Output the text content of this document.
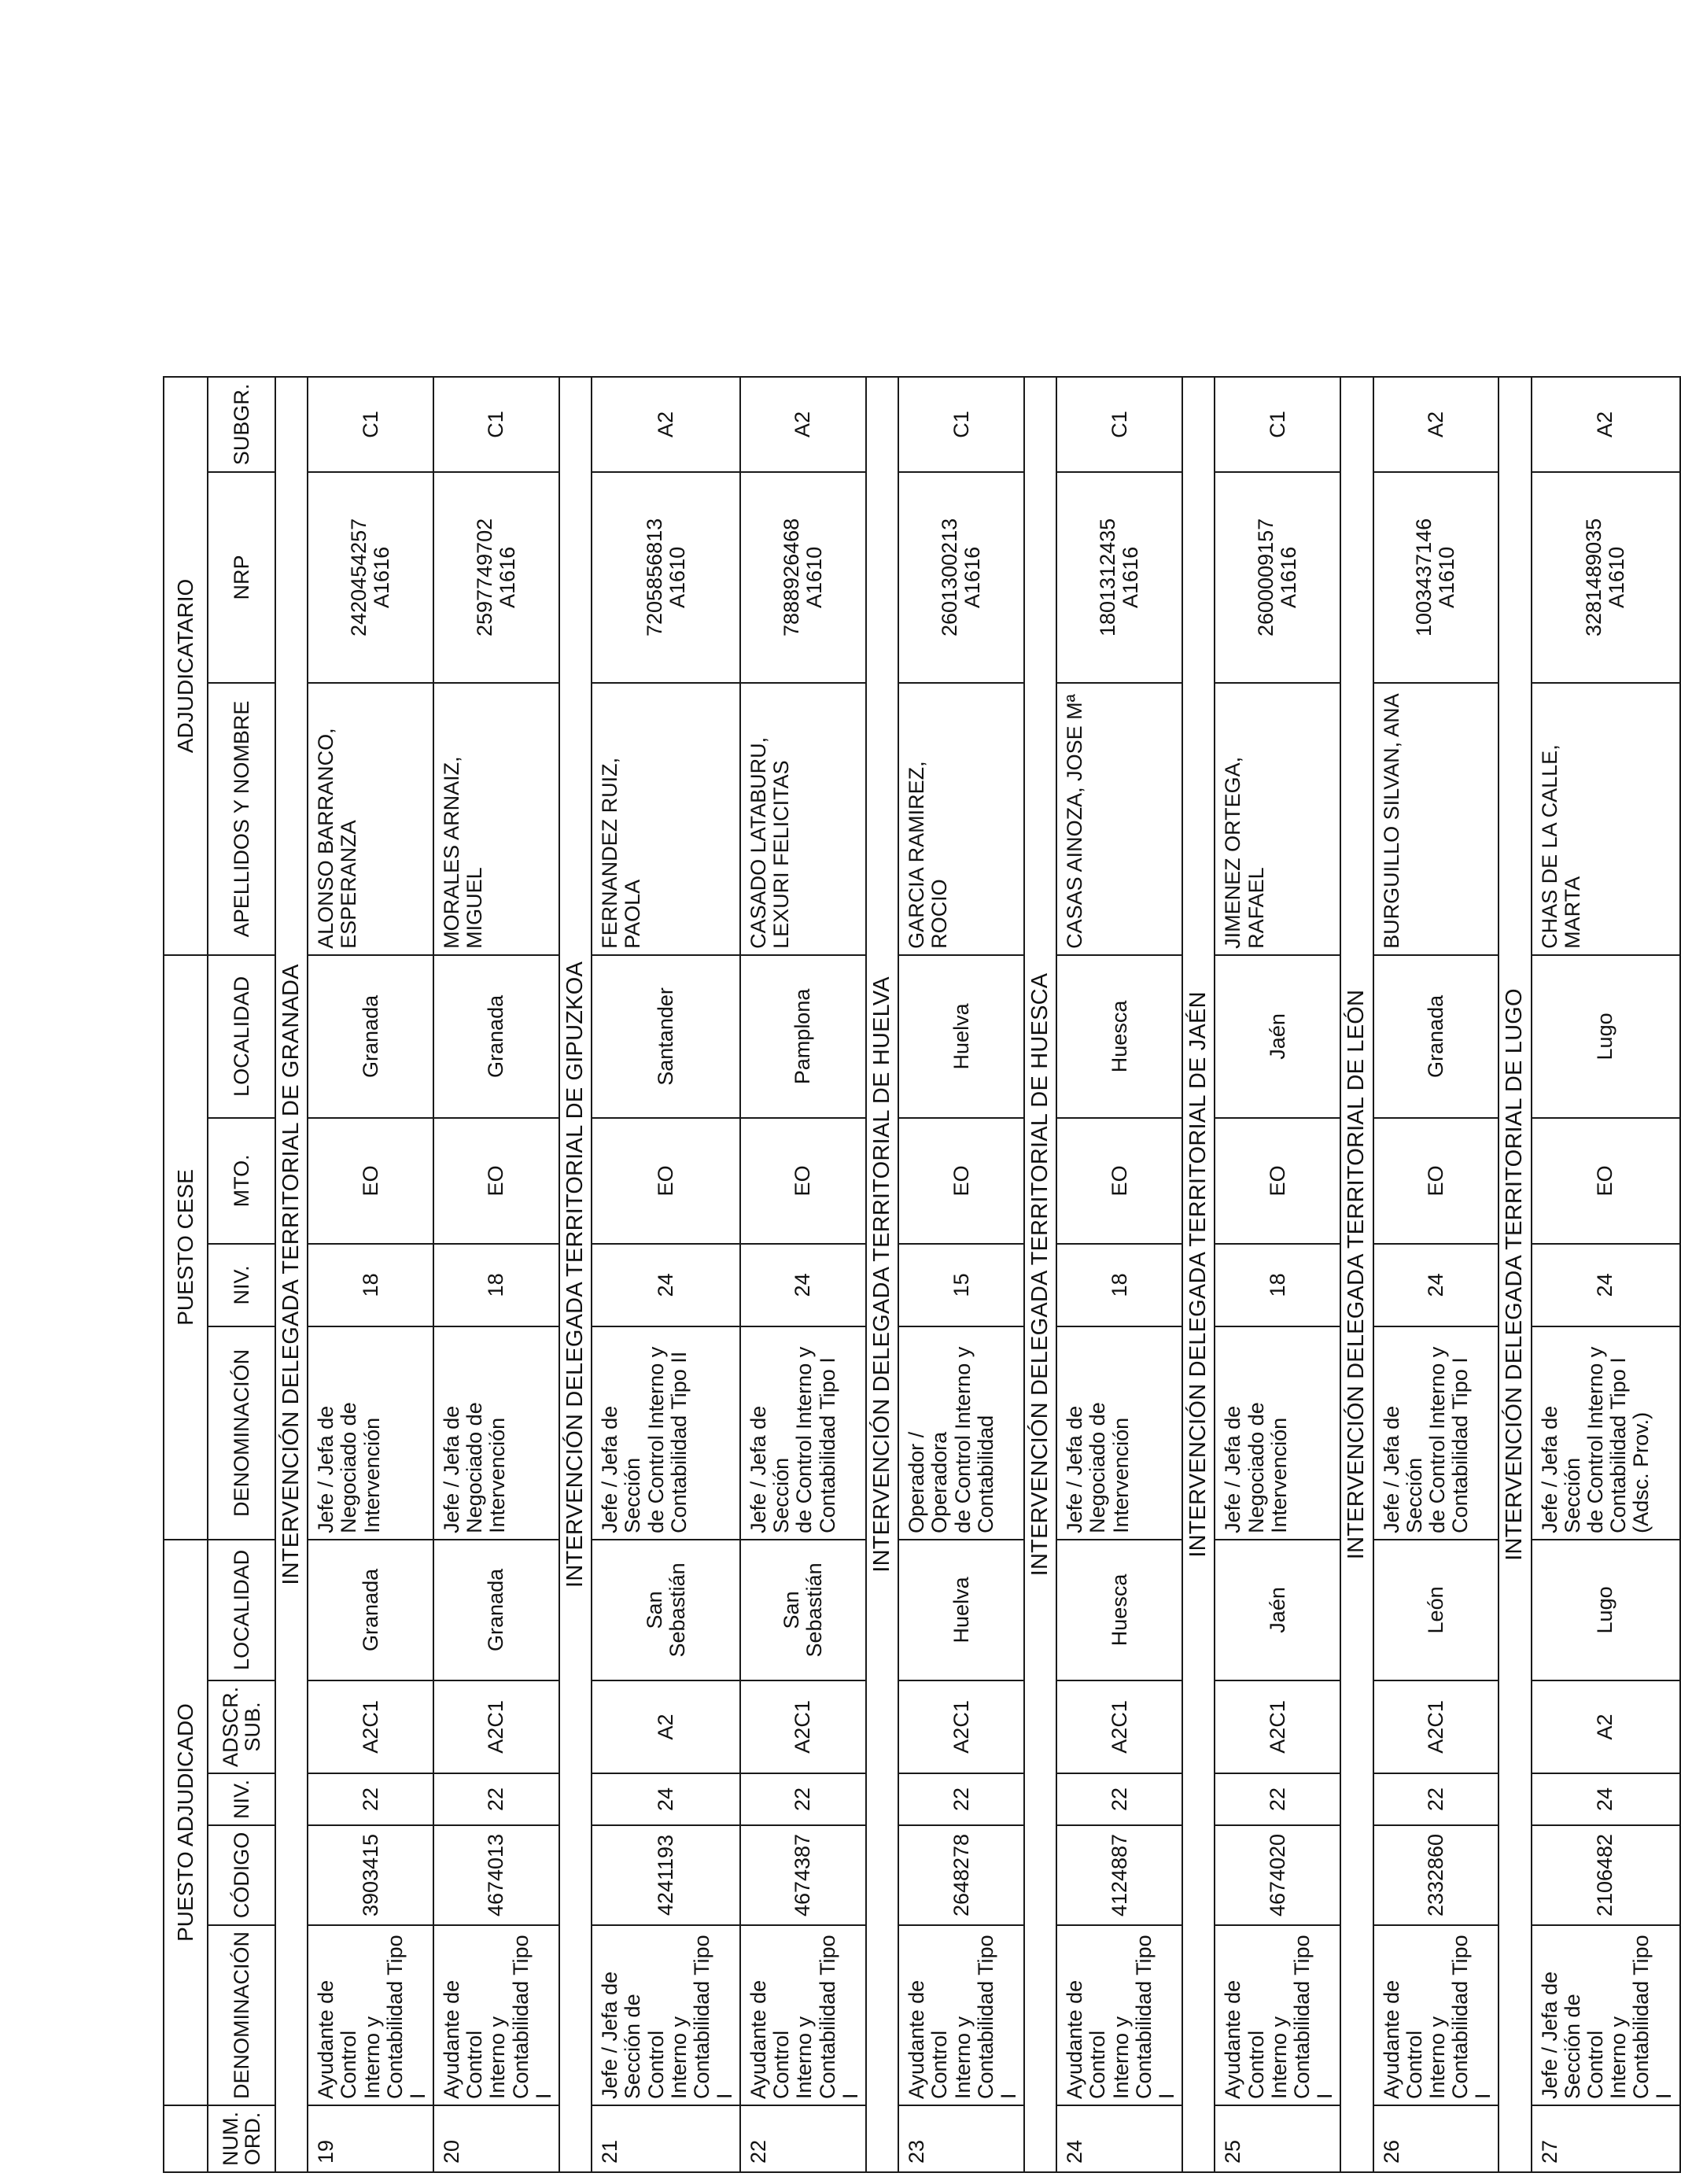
	PUESTO ADJUDICADO					PUESTO CESE				ADJUDICATARIO		
NUM.
ORD.	DENOMINACIÓN	CÓDIGO	NIV.	ADSCR.
SUB.	LOCALIDAD	DENOMINACIÓN	NIV.	MTO.	LOCALIDAD	APELLIDOS Y NOMBRE	NRP	SUBGR.
INTERVENCIÓN DELEGADA TERRITORIAL DE GRANADA												
19	Ayudante de Control
Interno y
Contabilidad Tipo I	3903415	22	A2C1	Granada	Jefe / Jefa de
Negociado de
Intervención	18	EO	Granada	ALONSO BARRANCO,
ESPERANZA	2420454257
A1616	C1
20	Ayudante de Control
Interno y
Contabilidad Tipo I	4674013	22	A2C1	Granada	Jefe / Jefa de
Negociado de
Intervención	18	EO	Granada	MORALES ARNAIZ,
MIGUEL	2597749702
A1616	C1
INTERVENCIÓN DELEGADA TERRITORIAL DE GIPUZKOA												
21	Jefe / Jefa de
Sección de Control
Interno y
Contabilidad Tipo I	4241193	24	A2	San Sebastián	Jefe / Jefa de Sección
de Control Interno y
Contabilidad Tipo II	24	EO	Santander	FERNANDEZ RUIZ,
PAOLA	7205856813
A1610	A2
22	Ayudante de Control
Interno y
Contabilidad Tipo I	4674387	22	A2C1	San Sebastián	Jefe / Jefa de Sección
de Control Interno y
Contabilidad Tipo I	24	EO	Pamplona	CASADO LATABURU,
LEXURI FELICITAS	7888926468
A1610	A2
INTERVENCIÓN DELEGADA TERRITORIAL DE HUELVA												
23	Ayudante de Control
Interno y
Contabilidad Tipo I	2648278	22	A2C1	Huelva	Operador / Operadora
de Control Interno y
Contabilidad	15	EO	Huelva	GARCIA RAMIREZ, ROCIO	2601300213
A1616	C1
INTERVENCIÓN DELEGADA TERRITORIAL DE HUESCA												
24	Ayudante de Control
Interno y
Contabilidad Tipo I	4124887	22	A2C1	Huesca	Jefe / Jefa de
Negociado de
Intervención	18	EO	Huesca	CASAS AINOZA, JOSE Mª	1801312435
A1616	C1
INTERVENCIÓN DELEGADA TERRITORIAL DE JAÉN												
25	Ayudante de Control
Interno y
Contabilidad Tipo I	4674020	22	A2C1	Jaén	Jefe / Jefa de
Negociado de
Intervención	18	EO	Jaén	JIMENEZ ORTEGA,
RAFAEL	2600009157
A1616	C1
INTERVENCIÓN DELEGADA TERRITORIAL DE LEÓN												
26	Ayudante de Control
Interno y
Contabilidad Tipo I	2332860	22	A2C1	León	Jefe / Jefa de Sección
de Control Interno y
Contabilidad Tipo I	24	EO	Granada	BURGUILLO SILVAN, ANA	1003437146
A1610	A2
INTERVENCIÓN DELEGADA TERRITORIAL DE LUGO												
27	Jefe / Jefa de
Sección de Control
Interno y
Contabilidad Tipo I	2106482	24	A2	Lugo	Jefe / Jefa de Sección
de Control Interno y
Contabilidad Tipo I
(Adsc. Prov.)	24	EO	Lugo	CHAS DE LA CALLE,
MARTA	3281489035
A1610	A2
